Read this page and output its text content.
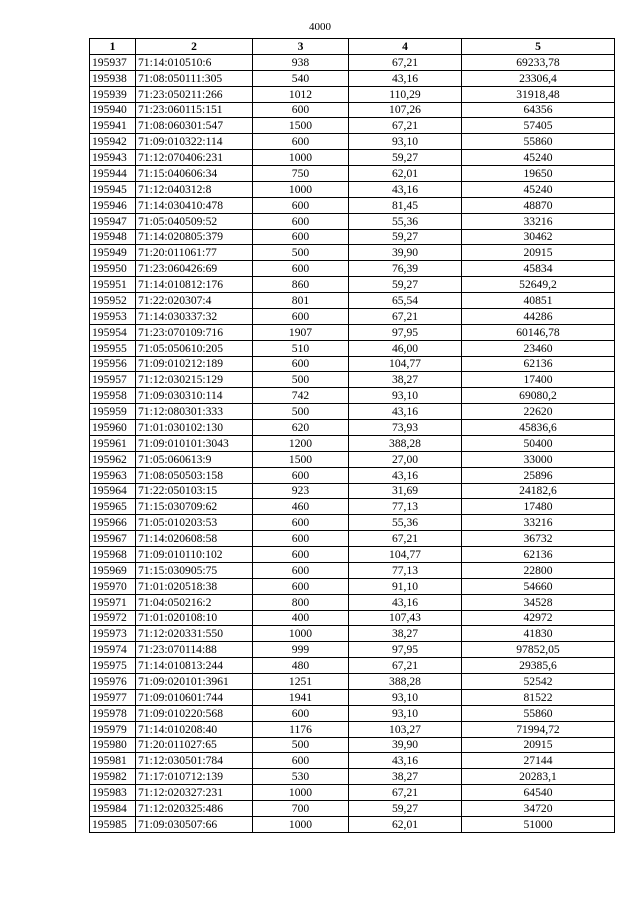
4000
1	2	3	4	5
195937	71:14:010510:6	938	67,21	69233,78
195938	71:08:050111:305	540	43,16	23306,4
195939	71:23:050211:266	1012	110,29	31918,48
195940	71:23:060115:151	600	107,26	64356
195941	71:08:060301:547	1500	67,21	57405
195942	71:09:010322:114	600	93,10	55860
195943	71:12:070406:231	1000	59,27	45240
195944	71:15:040606:34	750	62,01	19650
195945	71:12:040312:8	1000	43,16	45240
195946	71:14:030410:478	600	81,45	48870
195947	71:05:040509:52	600	55,36	33216
195948	71:14:020805:379	600	59,27	30462
195949	71:20:011061:77	500	39,90	20915
195950	71:23:060426:69	600	76,39	45834
195951	71:14:010812:176	860	59,27	52649,2
195952	71:22:020307:4	801	65,54	40851
195953	71:14:030337:32	600	67,21	44286
195954	71:23:070109:716	1907	97,95	60146,78
195955	71:05:050610:205	510	46,00	23460
195956	71:09:010212:189	600	104,77	62136
195957	71:12:030215:129	500	38,27	17400
195958	71:09:030310:114	742	93,10	69080,2
195959	71:12:080301:333	500	43,16	22620
195960	71:01:030102:130	620	73,93	45836,6
195961	71:09:010101:3043	1200	388,28	50400
195962	71:05:060613:9	1500	27,00	33000
195963	71:08:050503:158	600	43,16	25896
195964	71:22:050103:15	923	31,69	24182,6
195965	71:15:030709:62	460	77,13	17480
195966	71:05:010203:53	600	55,36	33216
195967	71:14:020608:58	600	67,21	36732
195968	71:09:010110:102	600	104,77	62136
195969	71:15:030905:75	600	77,13	22800
195970	71:01:020518:38	600	91,10	54660
195971	71:04:050216:2	800	43,16	34528
195972	71:01:020108:10	400	107,43	42972
195973	71:12:020331:550	1000	38,27	41830
195974	71:23:070114:88	999	97,95	97852,05
195975	71:14:010813:244	480	67,21	29385,6
195976	71:09:020101:3961	1251	388,28	52542
195977	71:09:010601:744	1941	93,10	81522
195978	71:09:010220:568	600	93,10	55860
195979	71:14:010208:40	1176	103,27	71994,72
195980	71:20:011027:65	500	39,90	20915
195981	71:12:030501:784	600	43,16	27144
195982	71:17:010712:139	530	38,27	20283,1
195983	71:12:020327:231	1000	67,21	64540
195984	71:12:020325:486	700	59,27	34720
195985	71:09:030507:66	1000	62,01	51000
